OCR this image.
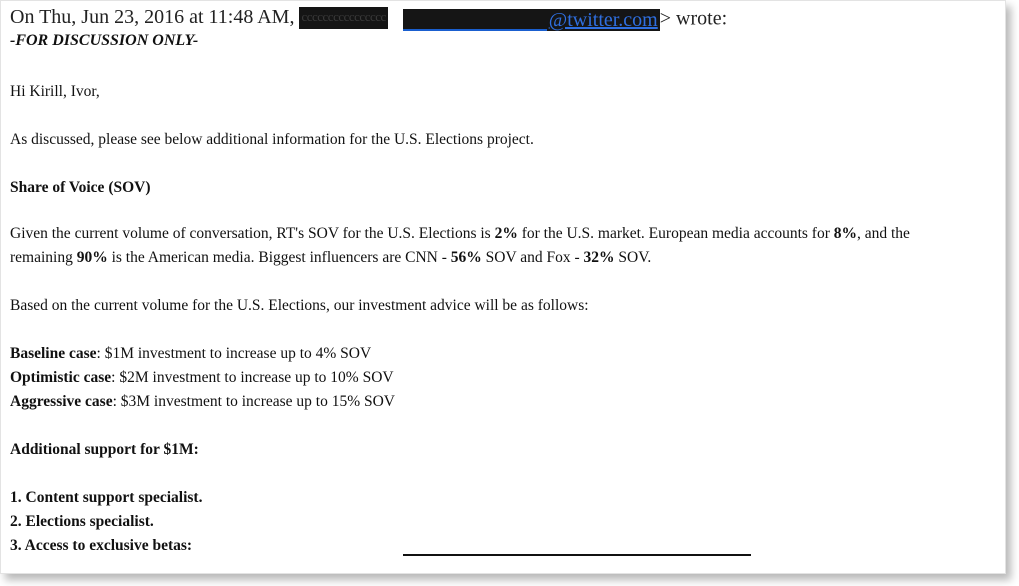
On Thu, Jun 23, 2016 at 11:48 AM, cccccccccccccccc	@twitter.com > wrote:
-FOR DISCUSSION ONLY-
Hi Kirill, Ivor,
As discussed, please see below additional information for the U.S. Elections project.
Share of Voice (SOV)
Given the current volume of conversation, RT's SOV for the U.S. Elections is 2% for the U.S. market. European media accounts for 8%, and the
remaining 90% is the American media. Biggest influencers are CNN - 56% SOV and Fox - 32% SOV.
Based on the current volume for the U.S. Elections, our investment advice will be as follows:
Baseline case: $1M investment to increase up to 4% SOV
Optimistic case: $2M investment to increase up to 10% SOV
Aggressive case: $3M investment to increase up to 15% SOV
Additional support for $1M:
1. Content support specialist.
2. Elections specialist.
3. Access to exclusive betas:
